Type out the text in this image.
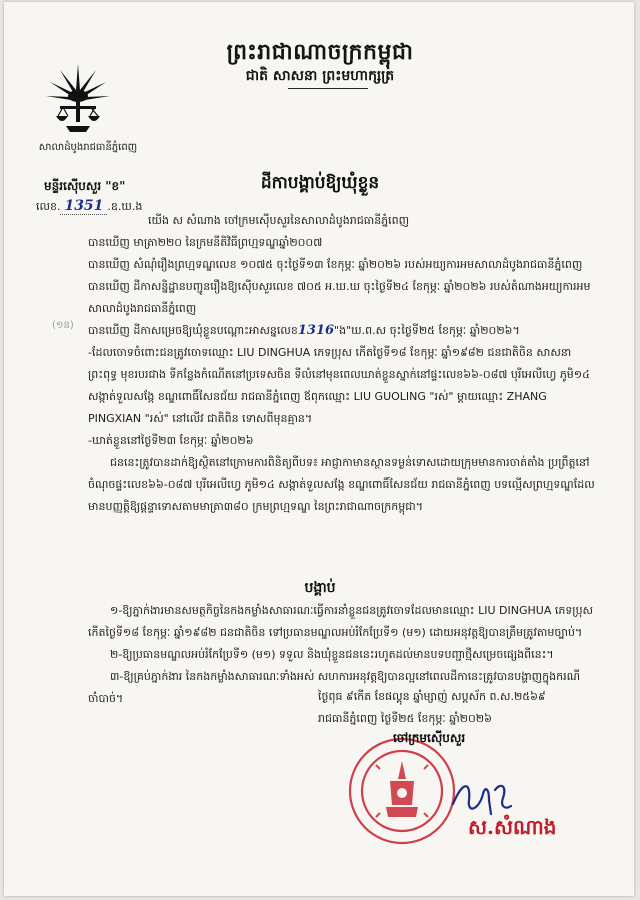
សាលាដំបូងរាជធានីភ្នំពេញ
ព្រះរាជាណាចក្រកម្ពុជា
ជាតិ សាសនា ព្រះមហាក្សត្រ
មន្ទីរស៊ើបសួរ "ខ"
លេខ. 1351 .ឧ.ឃ.ង
ដីកាបង្គាប់ឱ្យឃុំខ្លួន
(១ន)

យើង ស សំណាង ចៅក្រមស៊ើបសួរនៃសាលាដំបូងរាជធានីភ្នំពេញ

បានឃើញ មាត្រា២២០ នៃក្រមនីតិវិធីព្រហ្មទណ្ឌឆ្នាំ២០០៧

បានឃើញ សំណុំរឿងព្រហ្មទណ្ឌលេខ ១០៧៥ ចុះថ្ងៃទី១៣ ខែកុម្ភៈ ឆ្នាំ២០២៦ របស់អយ្យការអមសាលាដំបូងរាជធានីភ្នំពេញ

បានឃើញ ដីកាសន្និដ្ឋានបញ្ជូនរឿងឱ្យស៊ើបសួរលេខ ៧០៥ អ.ឃ.ឃ ចុះថ្ងៃទី២៤ ខែកុម្ភៈ ឆ្នាំ២០២៦ របស់តំណាងអយ្យការអមសាលាដំបូងរាជធានីភ្នំពេញ

បានឃើញ ដីកាសម្រេចឱ្យឃុំខ្លួនបណ្តោះអាសន្នលេខ1316"ង"ឃ.ព.ស ចុះថ្ងៃទី២៥ ខែកុម្ភៈ ឆ្នាំ២០២៦។

-ដែលចោទចំពោះជនត្រូវចោទឈ្មោះ LIU DINGHUA ភេទប្រុស កើតថ្ងៃទី១៨ ខែកុម្ភៈ ឆ្នាំ១៩៨២ ជនជាតិចិន សាសនាព្រះពុទ្ធ មុខរបរជាង ទីកន្លែងកំណើតនៅប្រទេសចិន ទីលំនៅមុនពេលឃាត់ខ្លួនស្នាក់នៅផ្ទះលេខ៦៦-០៨៧ បុរីអេលីហ្វេ ភូមិ១៤ សង្កាត់ទួលសង្កែ ខណ្ឌពោធិ៍សែនជ័យ រាជធានីភ្នំពេញ ឪពុកឈ្មោះ LIU GUOLING "រស់" ម្តាយឈ្មោះ ZHANG PINGXIAN "រស់" នៅលើវ ជាតិពិន ទោសពីមុនគ្មាន។

-ឃាត់ខ្លួននៅថ្ងៃទី២៣ ខែកុម្ភៈ ឆ្នាំ២០២៦

ជននេះត្រូវបានដាក់ឱ្យស្ថិតនៅក្រោមការពិនិត្យពីបទ៖ អាជ្ញាកាមានស្ថានទម្ងន់ទោសដោយក្រុមមានការចាត់តាំង ប្រព្រឹត្តនៅចំណុចផ្ទះលេខ៦៦-០៨៧ បុរីអេលីហ្វេ ភូមិ១៤ សង្កាត់ទួលសង្កែ ខណ្ឌពោធិ៍សែនជ័យ រាជធានីភ្នំពេញ បទល្មើសព្រហ្មទណ្ឌដែលមានបញ្ញត្តិឱ្យផ្តន្ទាទោសតាមមាត្រា៣៨០ ក្រមព្រហ្មទណ្ឌ នៃព្រះរាជាណាចក្រកម្ពុជា។

បង្គាប់

១-ឱ្យភ្នាក់ងារមានសមត្ថកិច្ចនៃកងកម្លាំងសាធារណៈធ្វើការនាំខ្លួនជនត្រូវចោទដែលមានឈ្មោះ LIU DINGHUA ភេទប្រុស កើតថ្ងៃទី១៨ ខែកុម្ភៈ ឆ្នាំ១៩៨២ ជនជាតិចិន ទៅប្រធានមណ្ឌលអប់រំកែប្រែទី១ (ម១) ដោយអនុវត្តឱ្យបានត្រឹមត្រូវតាមច្បាប់។

២-ឱ្យប្រធានមណ្ឌលអប់រំកែប្រែទី១ (ម១) ទទួល និងឃុំខ្លួនជននេះរហូតដល់មានបទបញ្ជាថ្មីសម្រេចផ្សេងពីនេះ។

៣-ឱ្យគ្រប់ភ្នាក់ងារ នៃកងកម្លាំងសាធារណៈទាំងអស់ សហការអនុវត្តឱ្យបានល្អនៅពេលដីកានេះត្រូវបានបង្ហាញក្នុងករណីចាំបាច់។	ថ្ងៃពុធ ៩កើត ខែផល្គុន ឆ្នាំម្សាញ់ សប្តស័ក ព.ស.២៥៦៩
រាជធានីភ្នំពេញ ថ្ងៃទី២៥ ខែកុម្ភៈ ឆ្នាំ២០២៦
ចៅក្រមស៊ើបសួរ
ស.សំណាង
